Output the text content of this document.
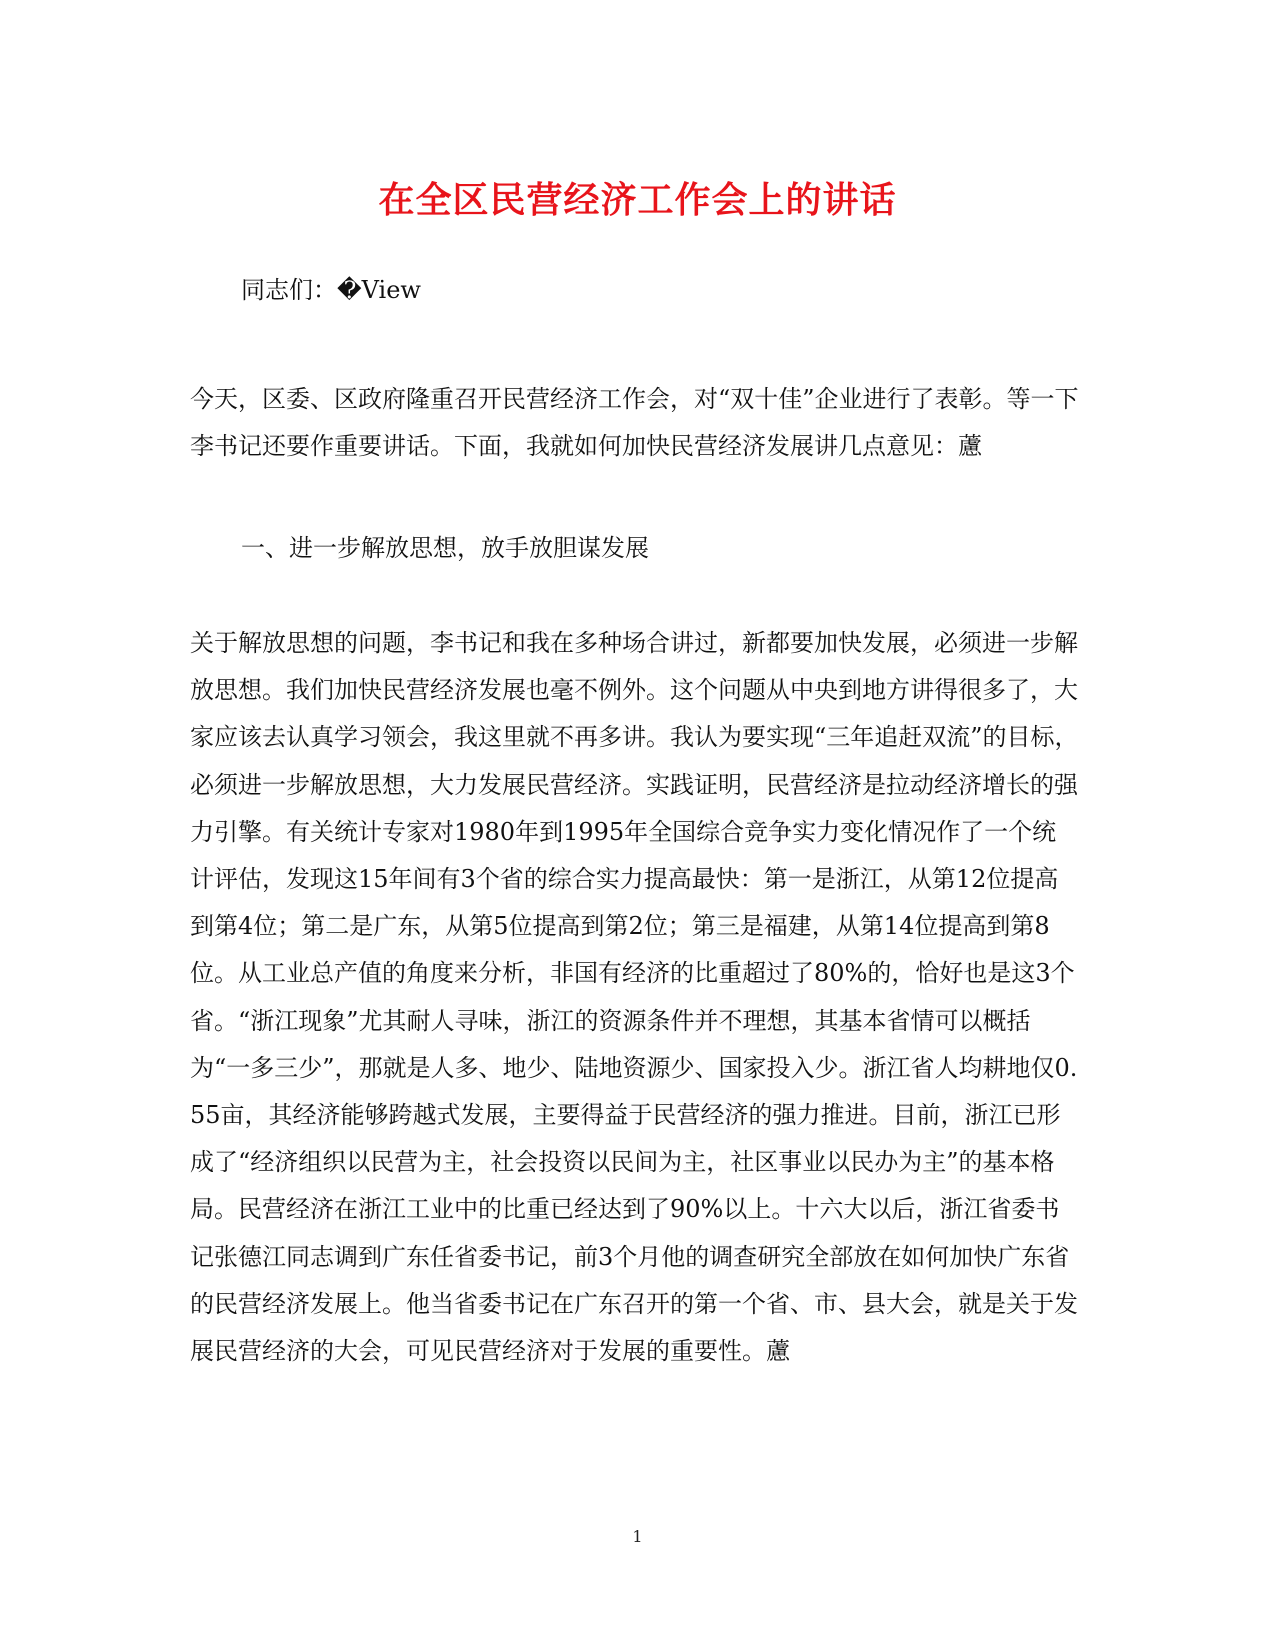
在全区民营经济工作会上的讲话

同志们：�View

今天，区委、区政府隆重召开民营经济工作会，对“双十佳”企业进行了表彰。等一下李书记还要作重要讲话。下面，我就如何加快民营经济发展讲几点意见：藘

一、进一步解放思想，放手放胆谋发展

关于解放思想的问题，李书记和我在多种场合讲过，新都要加快发展，必须进一步解放思想。我们加快民营经济发展也毫不例外。这个问题从中央到地方讲得很多了，大家应该去认真学习领会，我这里就不再多讲。我认为要实现“三年追赶双流”的目标，必须进一步解放思想，大力发展民营经济。实践证明，民营经济是拉动经济增长的强力引擎。有关统计专家对1980年到1995年全国综合竞争实力变化情况作了一个统计评估，发现这15年间有3个省的综合实力提高最快：第一是浙江，从第12位提高到第4位；第二是广东，从第5位提高到第2位；第三是福建，从第14位提高到第8位。从工业总产值的角度来分析，非国有经济的比重超过了80%的，恰好也是这3个省。“浙江现象”尤其耐人寻味，浙江的资源条件并不理想，其基本省情可以概括为“一多三少”，那就是人多、地少、陆地资源少、国家投入少。浙江省人均耕地仅0.55亩，其经济能够跨越式发展，主要得益于民营经济的强力推进。目前，浙江已形成了“经济组织以民营为主，社会投资以民间为主，社区事业以民办为主”的基本格局。民营经济在浙江工业中的比重已经达到了90%以上。十六大以后，浙江省委书记张德江同志调到广东任省委书记，前3个月他的调查研究全部放在如何加快广东省的民营经济发展上。他当省委书记在广东召开的第一个省、市、县大会，就是关于发展民营经济的大会，可见民营经济对于发展的重要性。藘

1
